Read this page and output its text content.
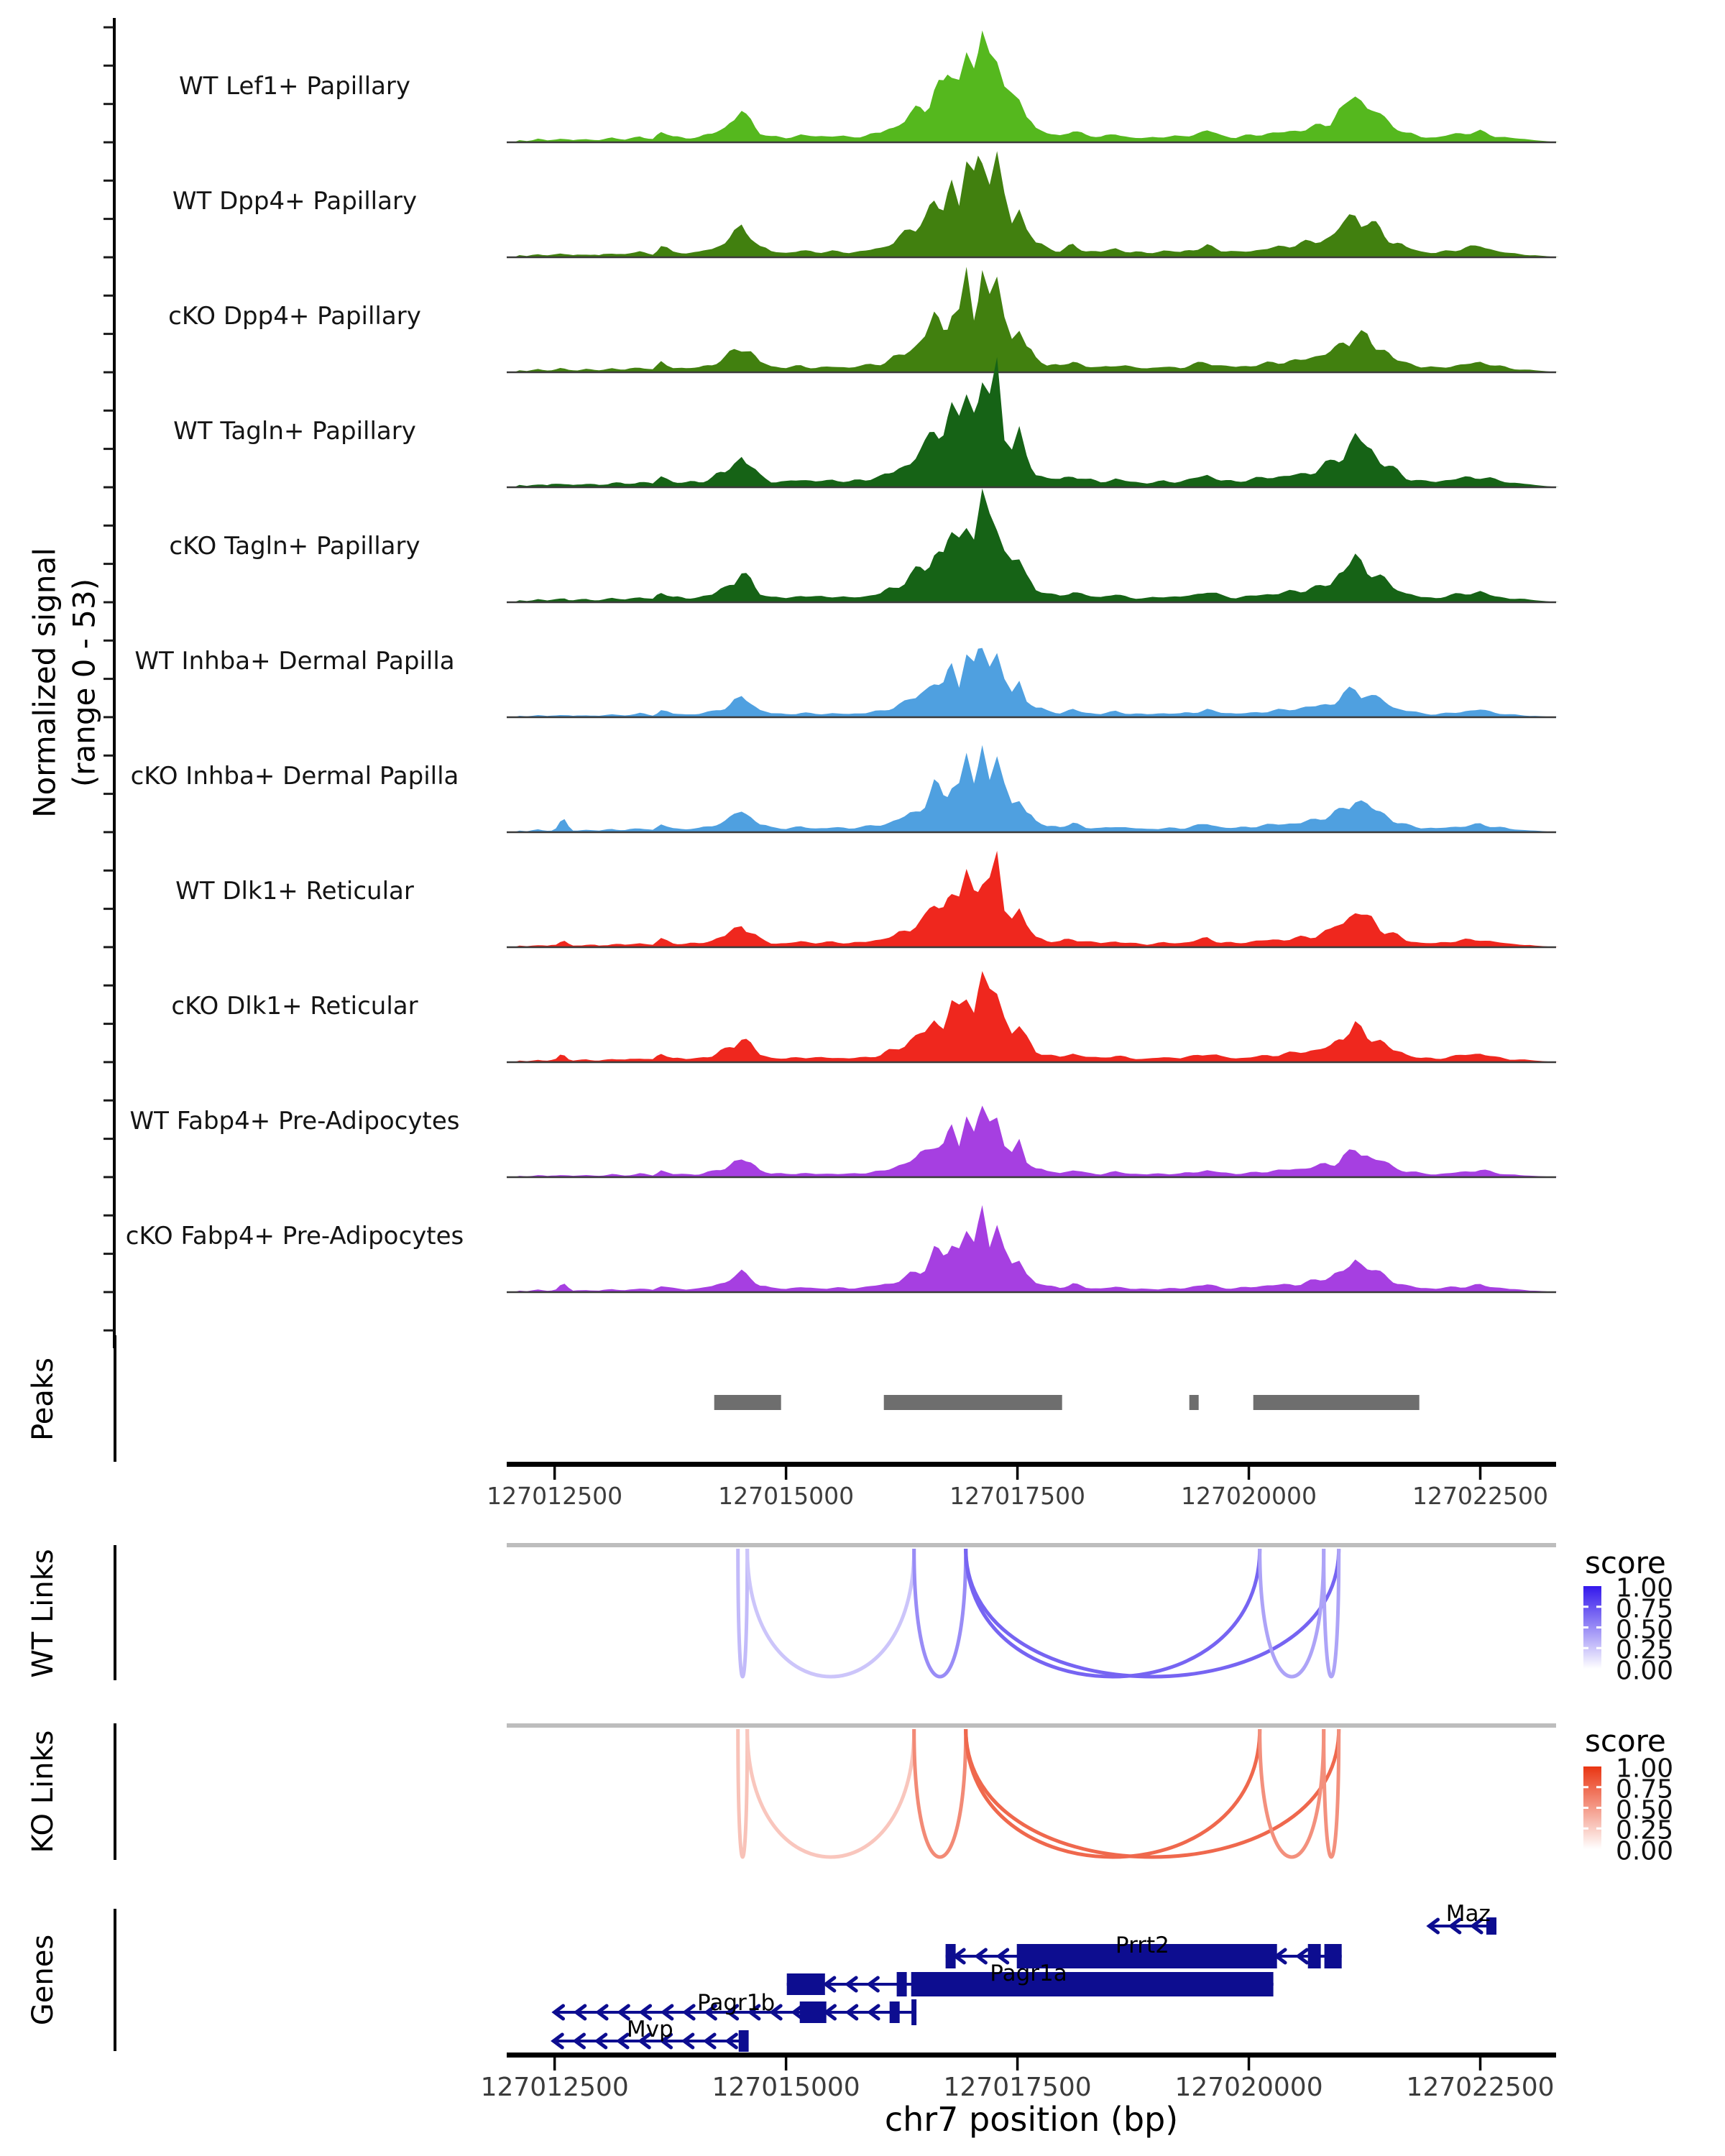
Normalized signal (range 0 - 53)
Peaks
WT Links
KO Links
Genes
score
score
chr7 position (bp)
WT Lef1+ Papillary
WT Dpp4+ Papillary
cKO Dpp4+ Papillary
WT Tagln+ Papillary
cKO Tagln+ Papillary
WT Inhba+ Dermal Papilla
cKO Inhba+ Dermal Papilla
WT Dlk1+ Reticular
cKO Dlk1+ Reticular
WT Fabp4+ Pre-Adipocytes
cKO Fabp4+ Pre-Adipocytes
127012500	127015000	127017500	127020000	127022500
127012500	127015000	127017500	127020000	127022500
1.00
0.75
0.50
0.25
0.00
1.00
0.75
0.50
0.25
0.00
Maz
Prrt2
Pagr1a
Pagr1b
Mvp
